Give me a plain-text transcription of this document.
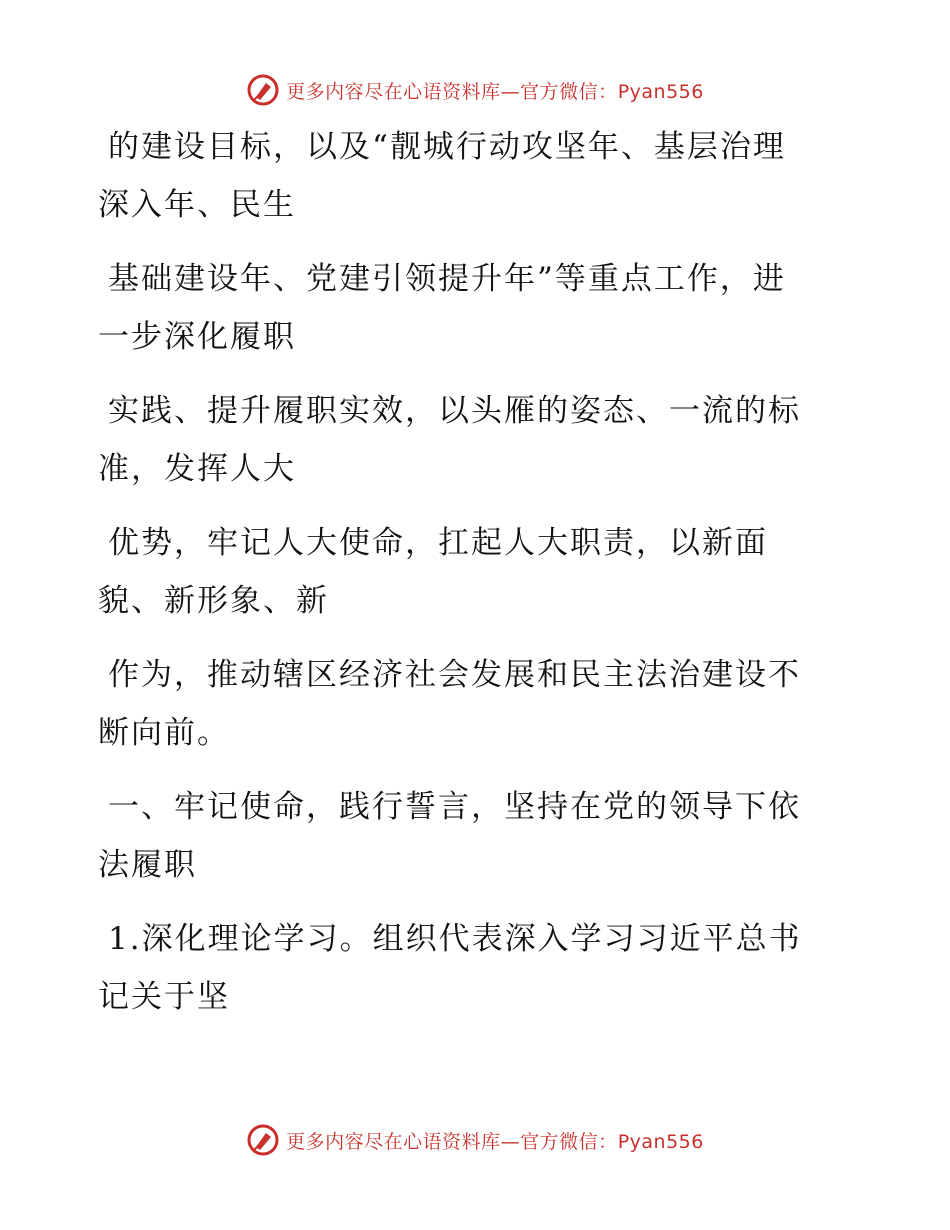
更多内容尽在心语资料库—官方微信：Pyan556

的建设目标，以及“靓城行动攻坚年、基层治理
深入年、民生

基础建设年、党建引领提升年”等重点工作，进
一步深化履职

实践、提升履职实效，以头雁的姿态、一流的标
准，发挥人大

优势，牢记人大使命，扛起人大职责，以新面
貌、新形象、新

作为，推动辖区经济社会发展和民主法治建设不
断向前。

一、牢记使命，践行誓言，坚持在党的领导下依
法履职

1.深化理论学习。组织代表深入学习习近平总书
记关于坚

更多内容尽在心语资料库—官方微信：Pyan556
